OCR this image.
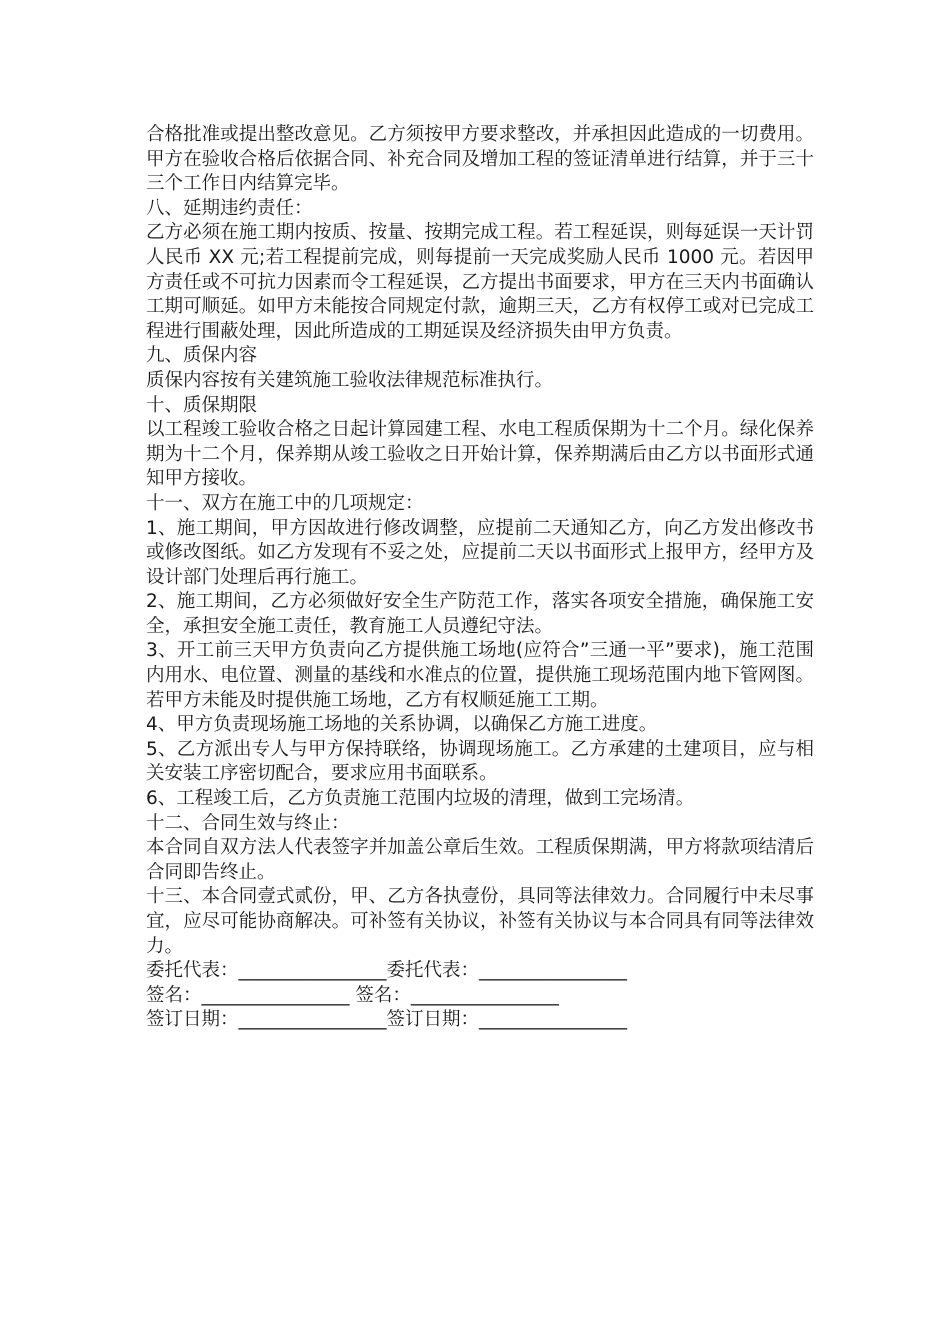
合格批准或提出整改意见。乙方须按甲方要求整改，并承担因此造成的一切费用。甲方在验收合格后依据合同、补充合同及增加工程的签证清单进行结算，并于三十三个工作日内结算完毕。

八、延期违约责任：

乙方必须在施工期内按质、按量、按期完成工程。若工程延误，则每延误一天计罚人民币 XX 元;若工程提前完成，则每提前一天完成奖励人民币 1000 元。若因甲方责任或不可抗力因素而令工程延误，乙方提出书面要求，甲方在三天内书面确认工期可顺延。如甲方未能按合同规定付款，逾期三天，乙方有权停工或对已完成工程进行围蔽处理，因此所造成的工期延误及经济损失由甲方负责。

九、质保内容

质保内容按有关建筑施工验收法律规范标准执行。

十、质保期限

以工程竣工验收合格之日起计算园建工程、水电工程质保期为十二个月。绿化保养期为十二个月，保养期从竣工验收之日开始计算，保养期满后由乙方以书面形式通知甲方接收。

十一、双方在施工中的几项规定：

1、施工期间，甲方因故进行修改调整，应提前二天通知乙方，向乙方发出修改书或修改图纸。如乙方发现有不妥之处，应提前二天以书面形式上报甲方，经甲方及设计部门处理后再行施工。

2、施工期间，乙方必须做好安全生产防范工作，落实各项安全措施，确保施工安全，承担安全施工责任，教育施工人员遵纪守法。

3、开工前三天甲方负责向乙方提供施工场地(应符合”三通一平”要求)，施工范围内用水、电位置、测量的基线和水准点的位置，提供施工现场范围内地下管网图。若甲方未能及时提供施工场地，乙方有权顺延施工工期。

4、甲方负责现场施工场地的关系协调，以确保乙方施工进度。

5、乙方派出专人与甲方保持联络，协调现场施工。乙方承建的土建项目，应与相关安装工序密切配合，要求应用书面联系。

6、工程竣工后，乙方负责施工范围内垃圾的清理，做到工完场清。

十二、合同生效与终止：

本合同自双方法人代表签字并加盖公章后生效。工程质保期满，甲方将款项结清后合同即告终止。

十三、本合同壹式贰份，甲、乙方各执壹份，具同等法律效力。合同履行中未尽事宜，应尽可能协商解决。可补签有关协议，补签有关协议与本合同具有同等法律效力。

委托代表：________________委托代表：________________

签名：________________ 签名：________________

签订日期：________________签订日期：________________
